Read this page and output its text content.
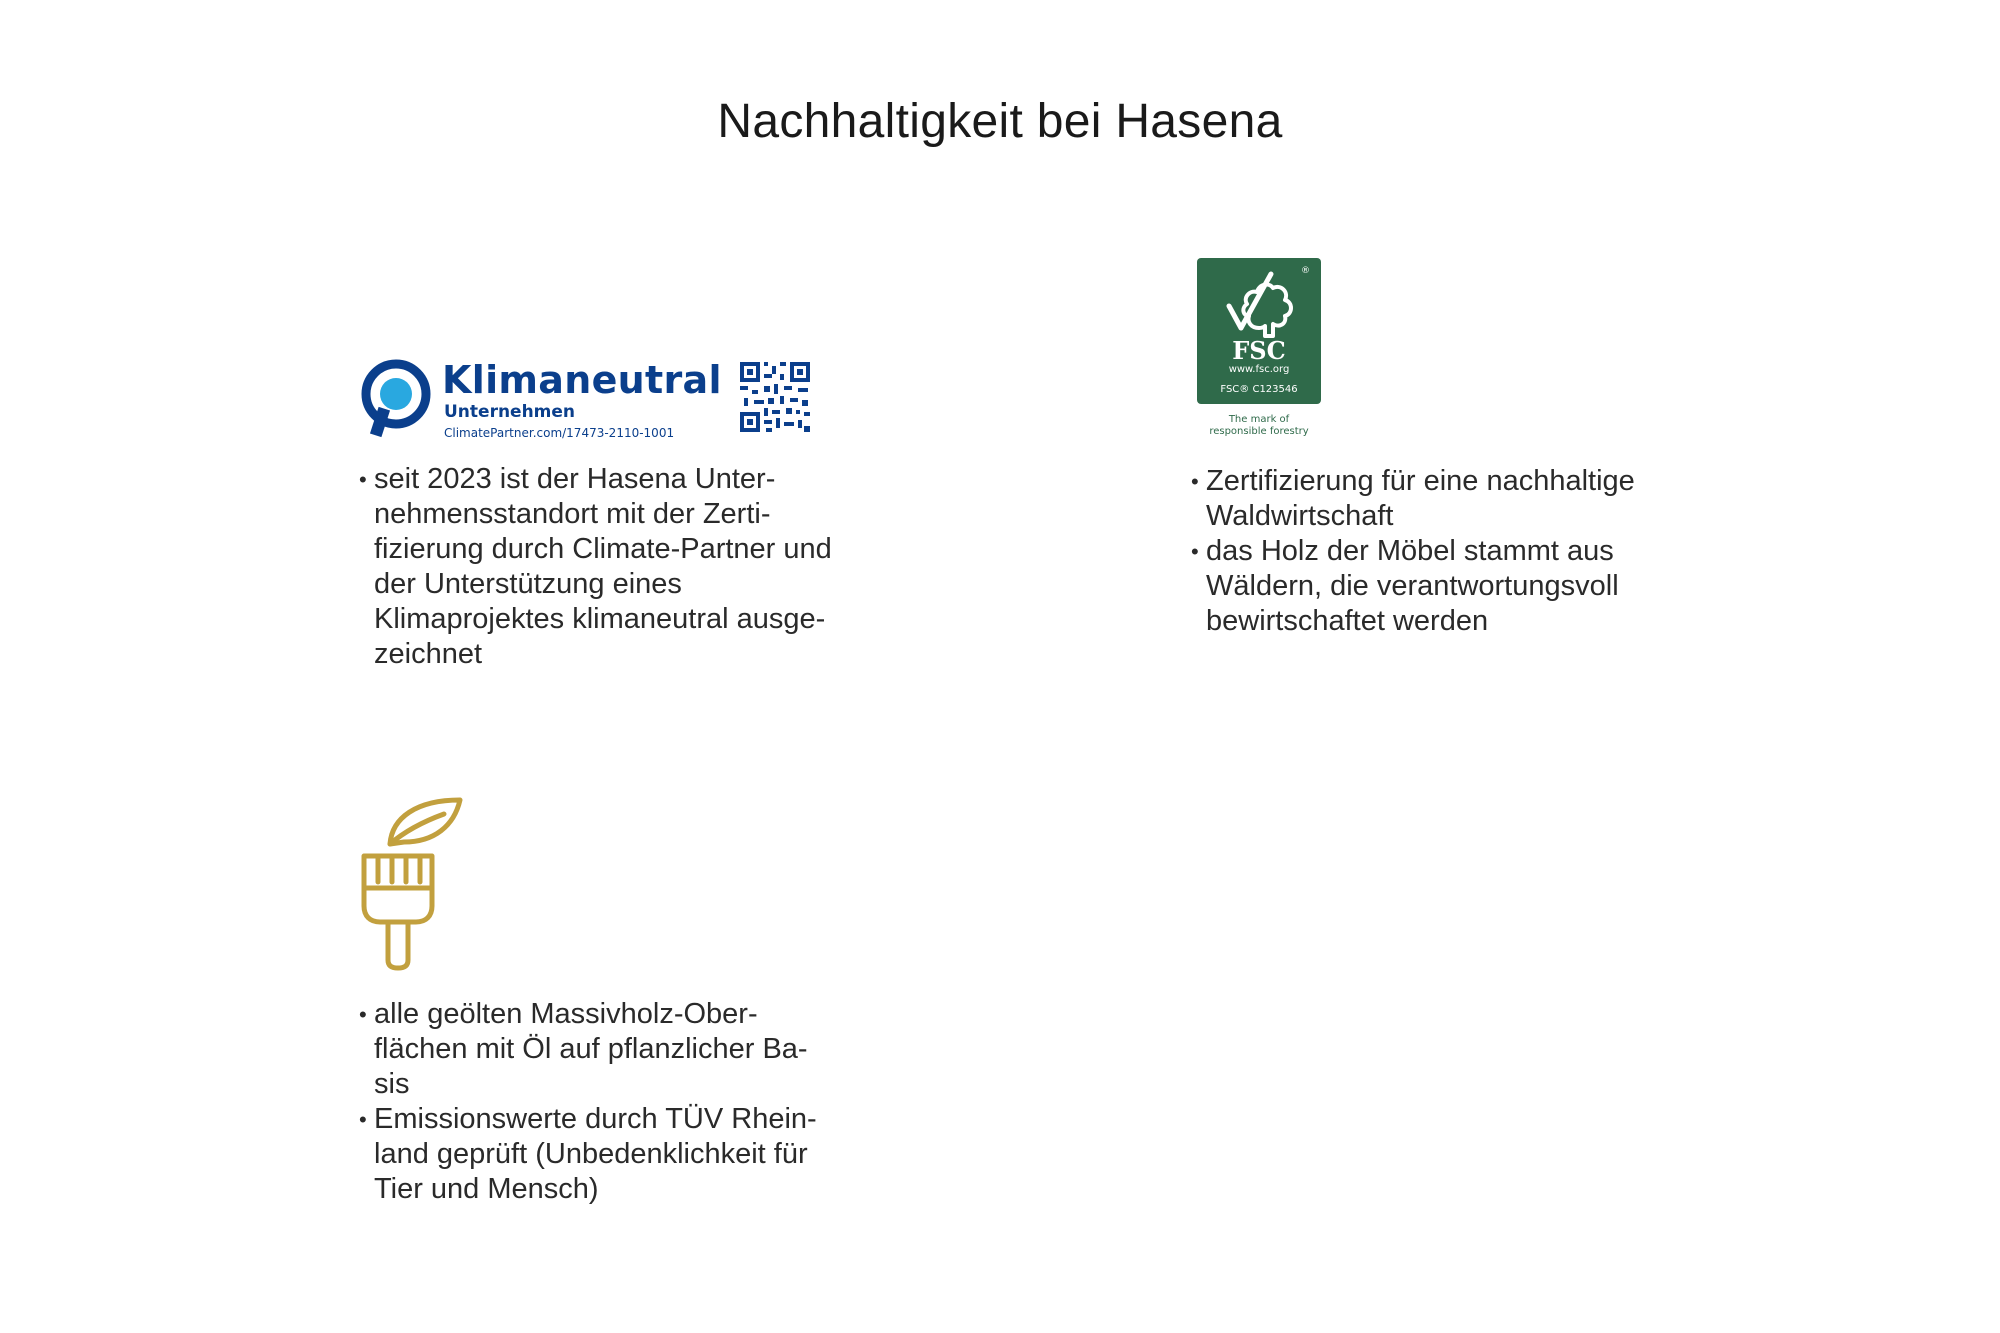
Nachhaltigkeit bei Hasena
Klimaneutral
Unternehmen
ClimatePartner.com/17473-2110-1001
• seit 2023 ist der Hasena Unter-nehmensstandort mit der Zerti-fizierung durch Climate-Partner und der Unterstützung eines Klimaprojektes klimaneutral ausge-zeichnet
®
FSC
www.fsc.org
FSC® C123546
The mark of
responsible forestry
• Zertifizierung für eine nachhaltige Waldwirtschaft
• das Holz der Möbel stammt aus Wäldern, die verantwortungsvoll bewirtschaftet werden
• alle geölten Massivholz-Ober-flächen mit Öl auf pflanzlicher Ba-sis
• Emissionswerte durch TÜV Rhein-land geprüft (Unbedenklichkeit für Tier und Mensch)
